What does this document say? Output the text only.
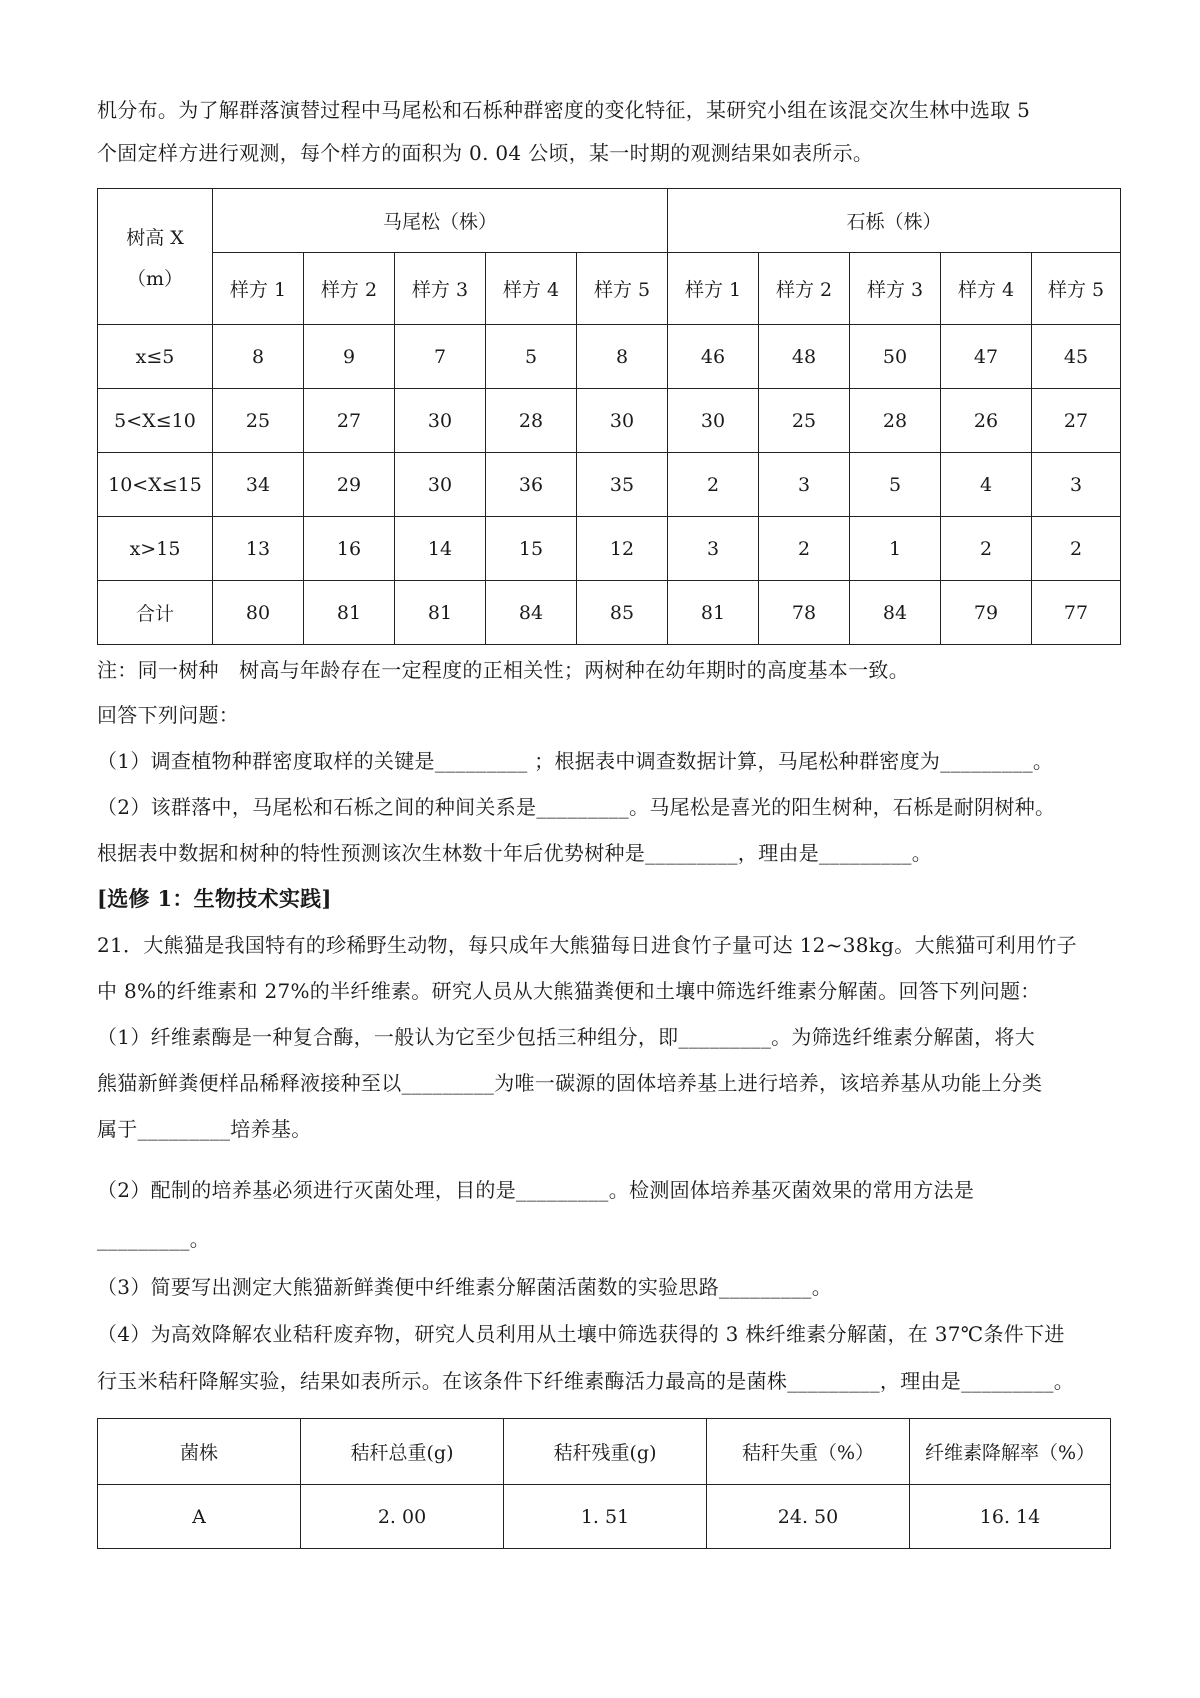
机分布。为了解群落演替过程中马尾松和石栎种群密度的变化特征，某研究小组在该混交次生林中选取 5
个固定样方进行观测，每个样方的面积为 0. 04 公顷，某一时期的观测结果如表所示。
树高 X
（m）	马尾松（株）					石栎（株）				
	样方 1	样方 2	样方 3	样方 4	样方 5	样方 1	样方 2	样方 3	样方 4	样方 5
x≤5	8	9	7	5	8	46	48	50	47	45
5<X≤10	25	27	30	28	30	30	25	28	26	27
10<X≤15	34	29	30	36	35	2	3	5	4	3
x>15	13	16	14	15	12	3	2	1	2	2
合计	80	81	81	84	85	81	78	84	79	77
注：同一树种　树高与年龄存在一定程度的正相关性；两树种在幼年期时的高度基本一致。
回答下列问题：
（1）调查植物种群密度取样的关键是_________ ；根据表中调查数据计算，马尾松种群密度为_________。
（2）该群落中，马尾松和石栎之间的种间关系是_________。马尾松是喜光的阳生树种，石栎是耐阴树种。
根据表中数据和树种的特性预测该次生林数十年后优势树种是_________，理由是_________。
[选修 1：生物技术实践]
21．大熊猫是我国特有的珍稀野生动物，每只成年大熊猫每日进食竹子量可达 12~38kg。大熊猫可利用竹子
中 8%的纤维素和 27%的半纤维素。研究人员从大熊猫粪便和土壤中筛选纤维素分解菌。回答下列问题：
（1）纤维素酶是一种复合酶，一般认为它至少包括三种组分，即_________。为筛选纤维素分解菌，将大
熊猫新鲜粪便样品稀释液接种至以_________为唯一碳源的固体培养基上进行培养，该培养基从功能上分类
属于_________培养基。
（2）配制的培养基必须进行灭菌处理，目的是_________。检测固体培养基灭菌效果的常用方法是
_________。
（3）简要写出测定大熊猫新鲜粪便中纤维素分解菌活菌数的实验思路_________。
（4）为高效降解农业秸秆废弃物，研究人员利用从土壤中筛选获得的 3 株纤维素分解菌，在 37℃条件下进
行玉米秸秆降解实验，结果如表所示。在该条件下纤维素酶活力最高的是菌株_________，理由是_________。
菌株	秸秆总重(g)	秸秆残重(g)	秸秆失重（%）	纤维素降解率（%）
A	2. 00	1. 51	24. 50	16. 14
